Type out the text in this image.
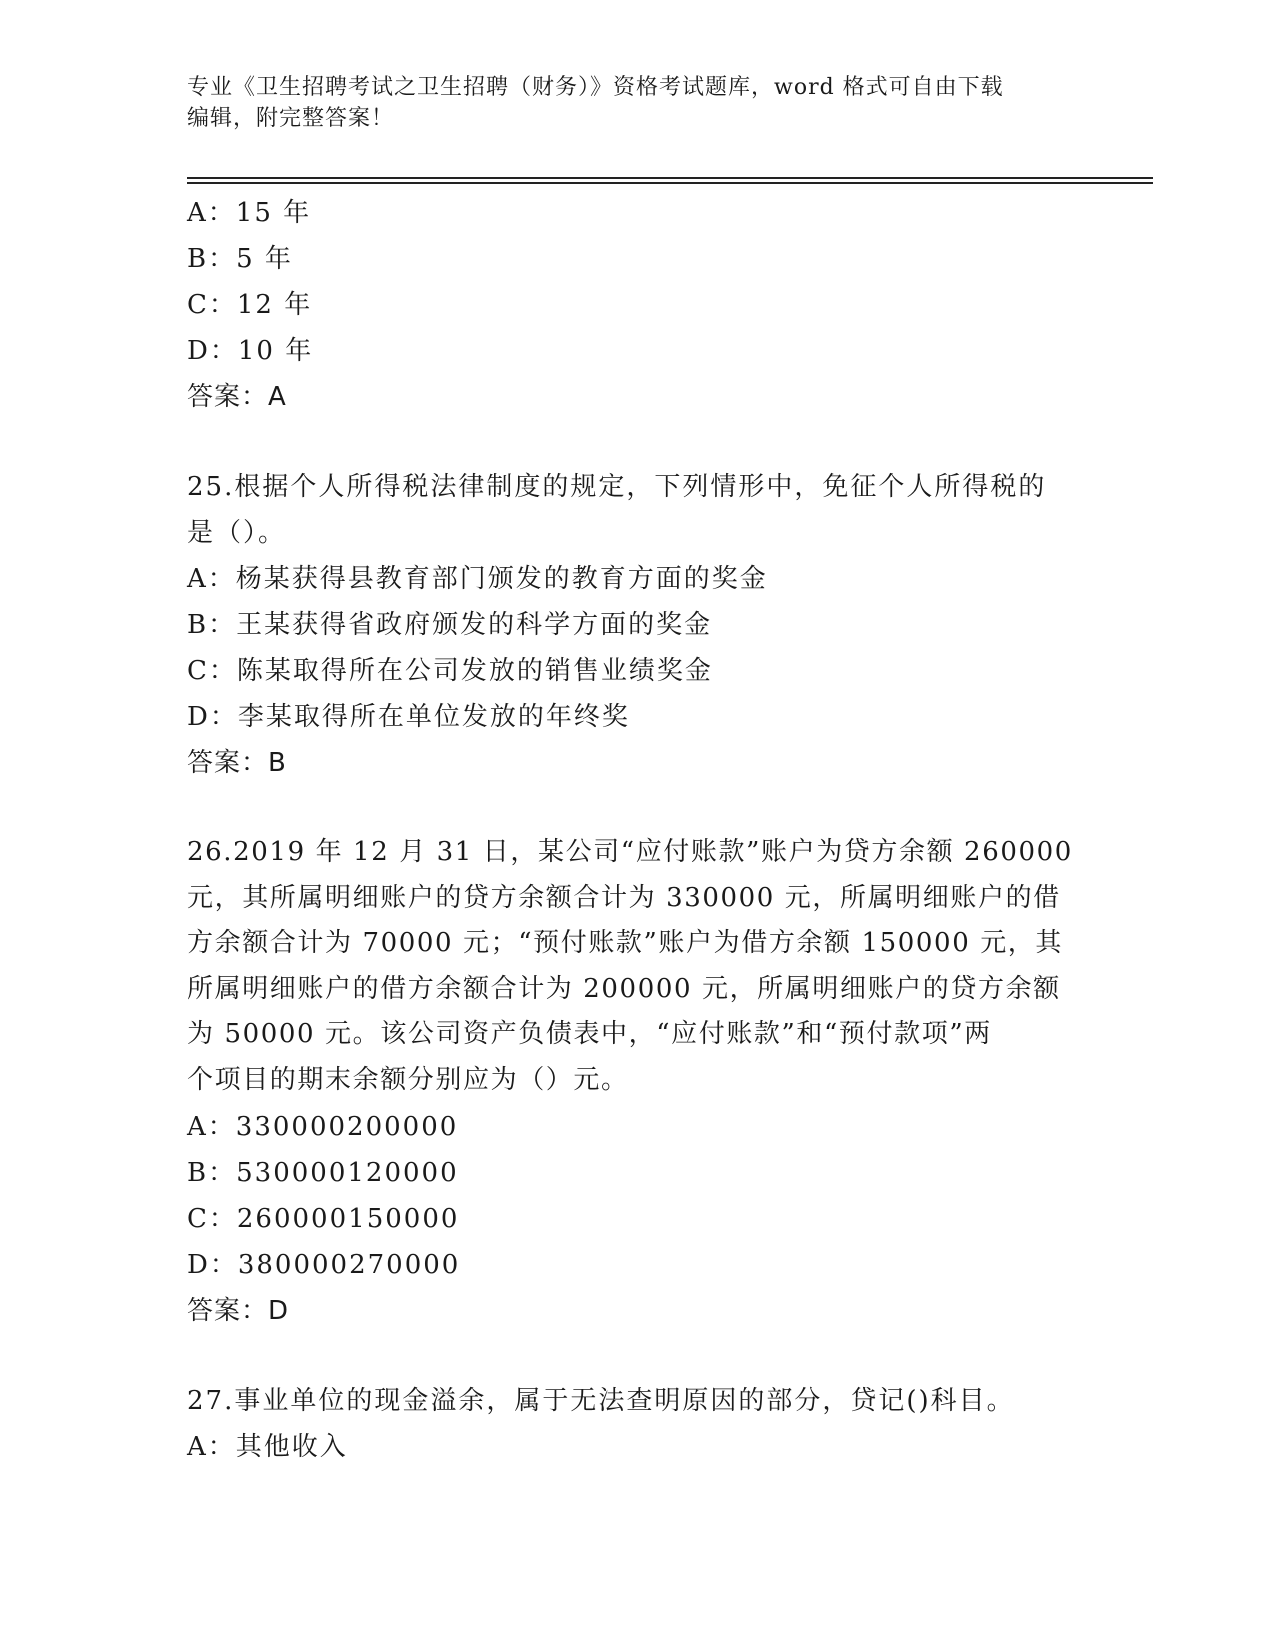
专业《卫生招聘考试之卫生招聘（财务）》资格考试题库，word 格式可自由下载
编辑，附完整答案！
A：15 年
B：5 年
C：12 年
D：10 年
答案：A
25.根据个人所得税法律制度的规定，下列情形中，免征个人所得税的
是（）。
A：杨某获得县教育部门颁发的教育方面的奖金
B：王某获得省政府颁发的科学方面的奖金
C：陈某取得所在公司发放的销售业绩奖金
D：李某取得所在单位发放的年终奖
答案：B
26.2019 年 12 月 31 日，某公司“应付账款”账户为贷方余额 260000
元，其所属明细账户的贷方余额合计为 330000 元，所属明细账户的借
方余额合计为 70000 元；“预付账款”账户为借方余额 150000 元，其
所属明细账户的借方余额合计为 200000 元，所属明细账户的贷方余额
为 50000 元。该公司资产负债表中，“应付账款”和“预付款项”两
个项目的期末余额分别应为（）元。
A：330000200000
B：530000120000
C：260000150000
D：380000270000
答案：D
27.事业单位的现金溢余，属于无法查明原因的部分，贷记()科目。
A：其他收入
